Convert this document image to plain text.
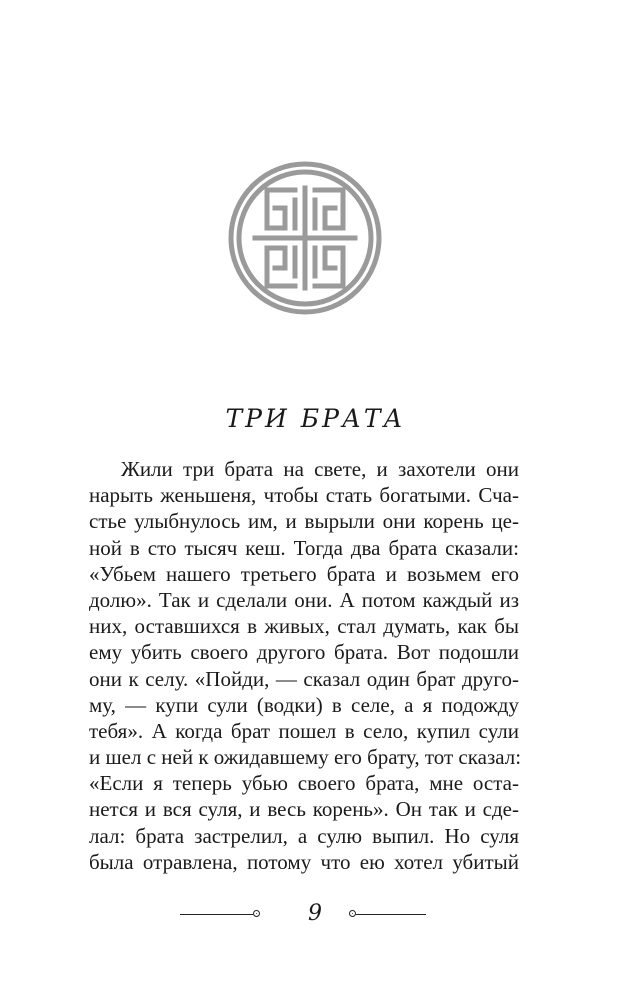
ТРИ БРАТА
Жили три брата на свете, и захотели они
нарыть женьшеня, чтобы стать богатыми. Сча-
стье улыбнулось им, и вырыли они корень це-
ной в сто тысяч кеш. Тогда два брата сказали:
«Убьем нашего третьего брата и возьмем его
долю». Так и сделали они. А потом каждый из
них, оставшихся в живых, стал думать, как бы
ему убить своего другого брата. Вот подошли
они к селу. «Пойди, — сказал один брат друго-
му, — купи сули (водки) в селе, а я подожду
тебя». А когда брат пошел в село, купил сули
и шел с ней к ожидавшему его брату, тот сказал:
«Если я теперь убью своего брата, мне оста-
нется и вся суля, и весь корень». Он так и сде-
лал: брата застрелил, а сулю выпил. Но суля
была отравлена, потому что ею хотел убитый
9
